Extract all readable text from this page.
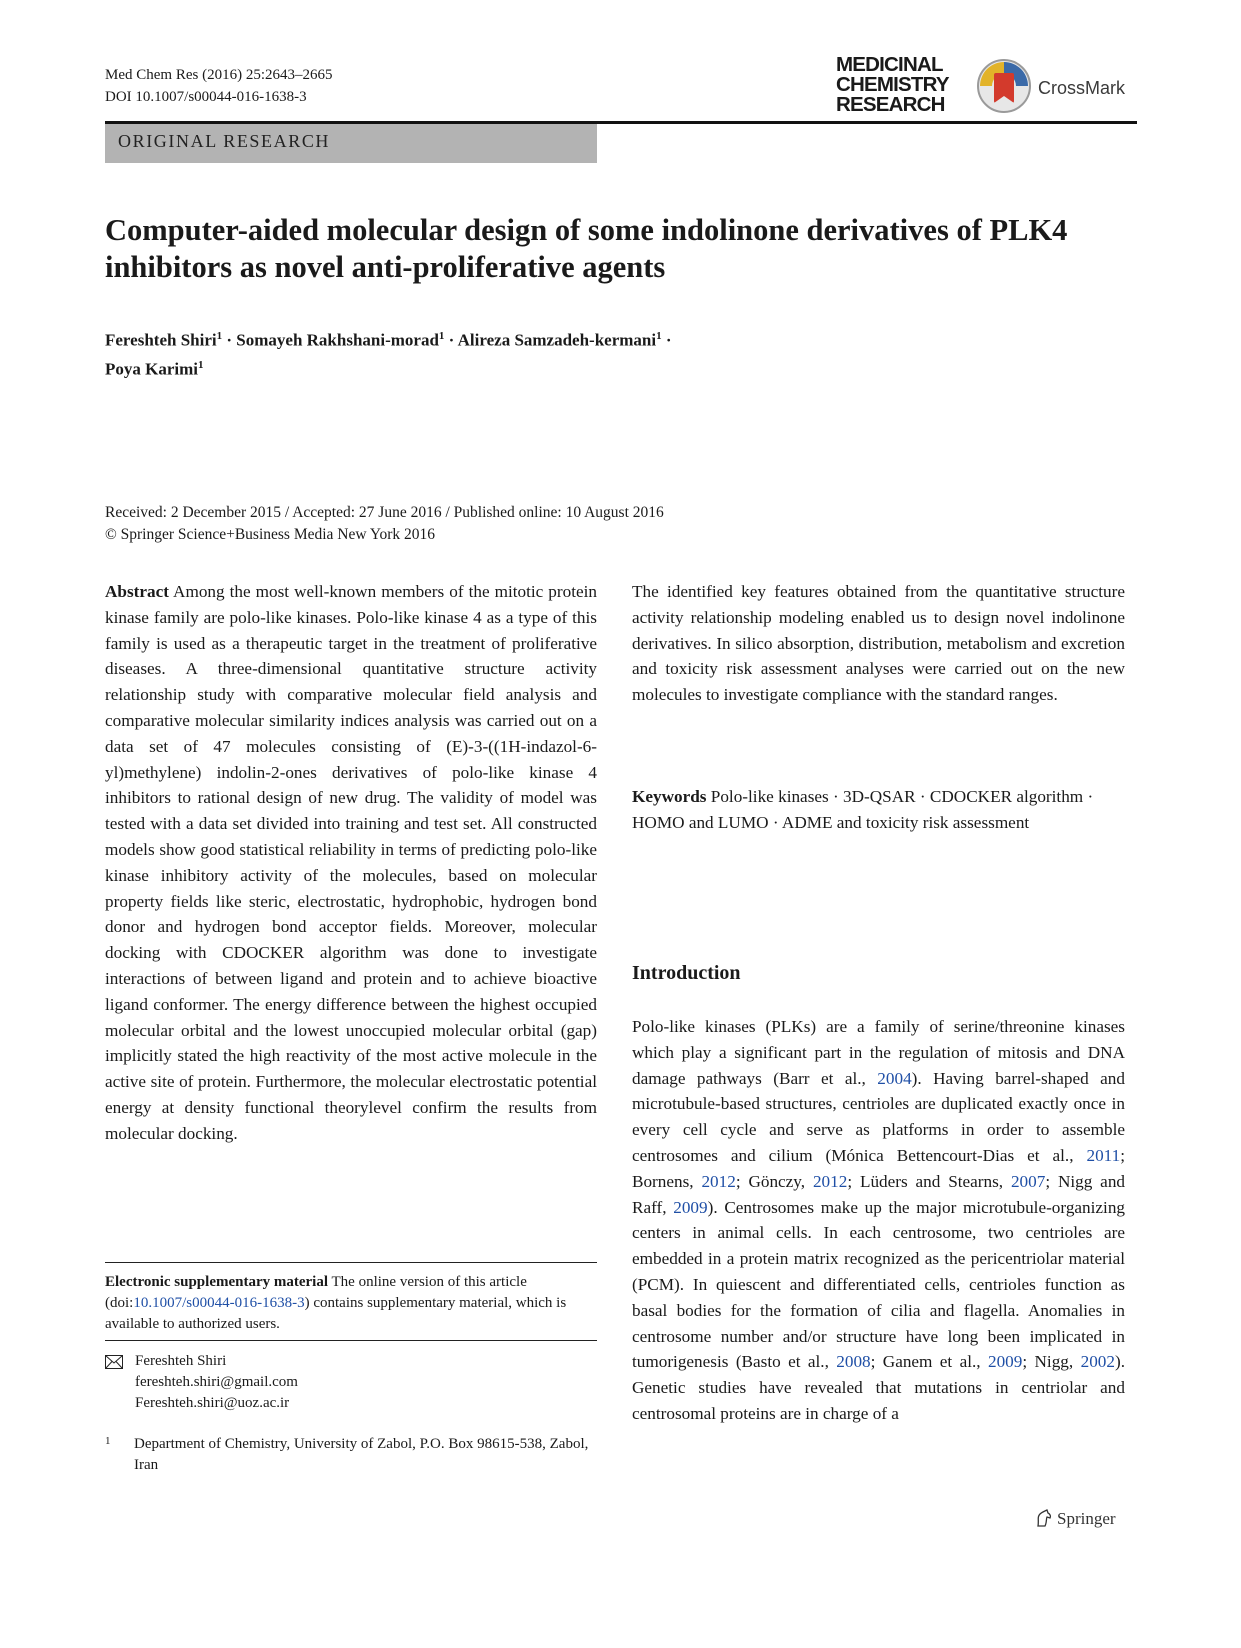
Med Chem Res (2016) 25:2643–2665
DOI 10.1007/s00044-016-1638-3
MEDICINAL
CHEMISTRY
RESEARCH
CrossMark
ORIGINAL RESEARCH
Computer-aided molecular design of some indolinone derivatives of PLK4 inhibitors as novel anti-proliferative agents
Fereshteh Shiri$^1$ · Somayeh Rakhshani-morad$^1$ · Alireza Samzadeh-kermani$^1$ ·
Poya Karimi$^1$
Received: 2 December 2015 / Accepted: 27 June 2016 / Published online: 10 August 2016
© Springer Science+Business Media New York 2016
Abstract Among the most well-known members of the mitotic protein kinase family are polo-like kinases. Polo-like kinase 4 as a type of this family is used as a therapeutic target in the treatment of proliferative diseases. A three-dimensional quantitative structure activity relationship study with comparative molecular field analysis and comparative molecular similarity indices analysis was carried out on a data set of 47 molecules consisting of (E)-3-((1H-indazol-6-yl)methylene) indolin-2-ones derivatives of polo-like kinase 4 inhibitors to rational design of new drug. The validity of model was tested with a data set divided into training and test set. All constructed models show good statistical reliability in terms of predicting polo-like kinase inhibitory activity of the molecules, based on molecular property fields like steric, electrostatic, hydrophobic, hydrogen bond donor and hydrogen bond acceptor fields. Moreover, molecular docking with CDOCKER algorithm was done to investigate interactions of between ligand and protein and to achieve bioactive ligand conformer. The energy difference between the highest occupied molecular orbital and the lowest unoccupied molecular orbital (gap) implicitly stated the high reactivity of the most active molecule in the active site of protein. Furthermore, the molecular electrostatic potential energy at density functional theorylevel confirm the results from molecular docking.
The identified key features obtained from the quantitative structure activity relationship modeling enabled us to design novel indolinone derivatives. In silico absorption, distribution, metabolism and excretion and toxicity risk assessment analyses were carried out on the new molecules to investigate compliance with the standard ranges.
Keywords Polo-like kinases · 3D-QSAR · CDOCKER algorithm · HOMO and LUMO · ADME and toxicity risk assessment
Introduction
Polo-like kinases (PLKs) are a family of serine/threonine kinases which play a significant part in the regulation of mitosis and DNA damage pathways (Barr et al., 2004). Having barrel-shaped and microtubule-based structures, centrioles are duplicated exactly once in every cell cycle and serve as platforms in order to assemble centrosomes and cilium (Mónica Bettencourt-Dias et al., 2011; Bornens, 2012; Gönczy, 2012; Lüders and Stearns, 2007; Nigg and Raff, 2009). Centrosomes make up the major microtubule-organizing centers in animal cells. In each centrosome, two centrioles are embedded in a protein matrix recognized as the pericentriolar material (PCM). In quiescent and differentiated cells, centrioles function as basal bodies for the formation of cilia and flagella. Anomalies in centrosome number and/or structure have long been implicated in tumorigenesis (Basto et al., 2008; Ganem et al., 2009; Nigg, 2002). Genetic studies have revealed that mutations in centriolar and centrosomal proteins are in charge of a
Electronic supplementary material The online version of this article (doi:10.1007/s00044-016-1638-3) contains supplementary material, which is available to authorized users.
Fereshteh Shiri
fereshteh.shiri@gmail.com
Fereshteh.shiri@uoz.ac.ir
1 Department of Chemistry, University of Zabol, P.O. Box 98615-538, Zabol, Iran
Springer
